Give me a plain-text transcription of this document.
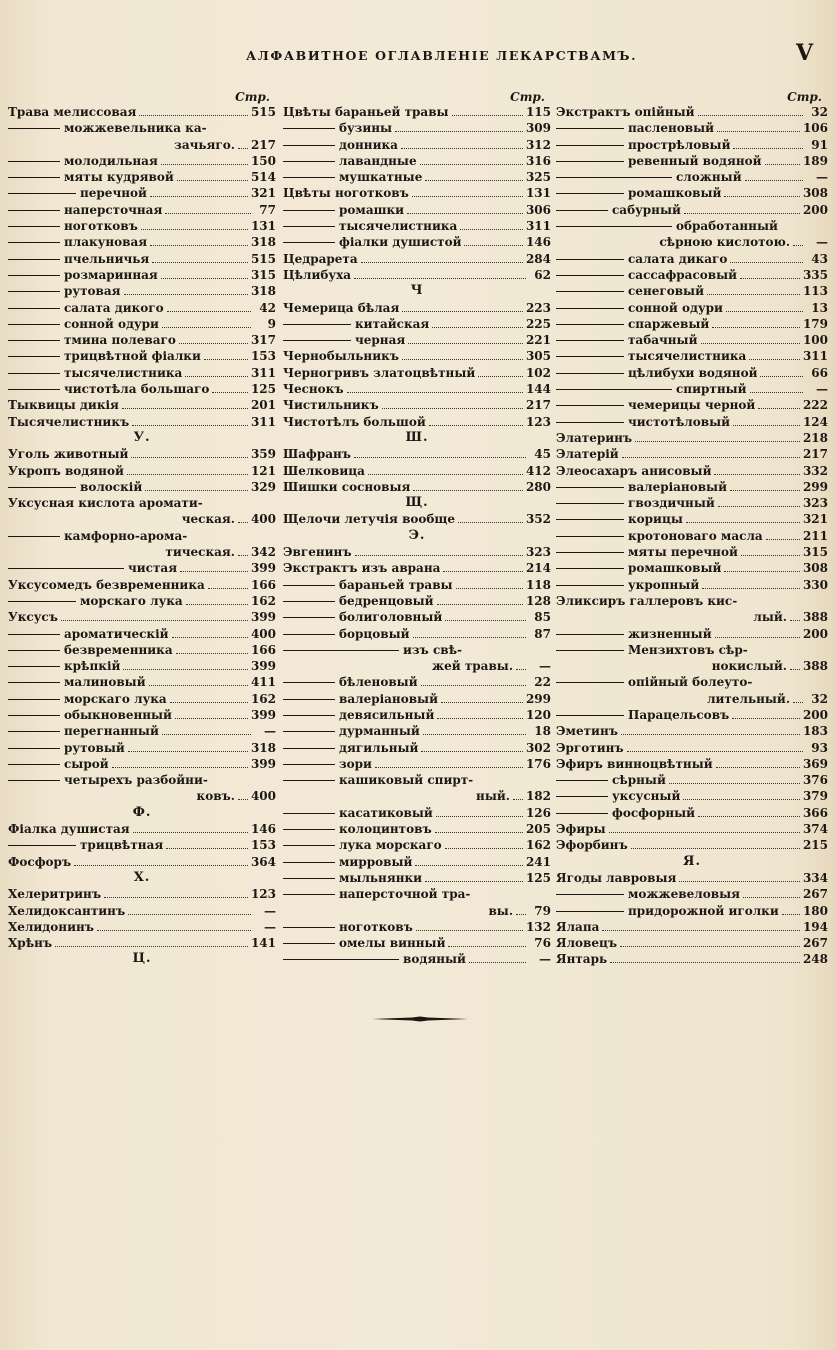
АЛФАВИТНОЕ ОГЛАВЛЕНІЕ ЛЕКАРСТВАМЪ.	V
Стр.
Трава мелиссовая	515
можжевельника ка-
зачьяго. 217
молодильная	150
мяты кудрявой	514
перечной	321
наперсточная	77
ноготковъ	131
плакуновая	318
пчельничья	515
розмаринная	315
рутовая	318
салата дикого	42
сонной одури	9
тмина полеваго	317
трицвѣтной фіалки	153
тысячелистника	311
чистотѣла большаго	125
Тыквицы дикія	201
Тысячелистникъ	311
У.
Уголь животный	359
Укропъ водяной	121
волоскій	329
Уксусная кислота аромати-
ческая. 400
камфорно-арома-
тическая. 342
чистая	399
Уксусомедъ безвременника	166
морскаго лука	162
Уксусъ	399
ароматическій	400
безвременника	166
крѣпкій	399
малиновый	411
морскаго лука	162
обыкновенный	399
перегнанный	—
рутовый	318
сырой	399
четырехъ разбойни-
ковъ. 400
Ф.
Фіалка душистая	146
трицвѣтная	153
Фосфоръ	364
Х.
Хелеритринъ	123
Хелидоксантинъ	—
Хелидонинъ	—
Хрѣнъ	141
Ц.
Стр.
Цвѣты бараньей травы	115
бузины	309
донника	312
лавандные	316
мушкатные	325
Цвѣты ноготковъ	131
ромашки	306
тысячелистника	311
фіалки душистой	146
Цедрарета	284
Цѣлибуха	62
Ч
Чемерица бѣлая	223
китайская	225
черная	221
Чернобыльникъ	305
Черногривъ златоцвѣтный	102
Чеснокъ	144
Чистильникъ	217
Чистотѣлъ большой	123
Ш.
Шафранъ	45
Шелковица	412
Шишки сосновыя	280
Щ.
Щелочи летучія вообще	352
Э.
Эвгенинъ	323
Экстрактъ изъ аврана	214
бараньей травы	118
бедренцовый	128
болиголовный	85
борцовый	87
изъ свѣ-
жей травы.	—
бѣленовый	22
валеріановый	299
девясильный	120
дурманный	18
дягильный	302
зори	176
кашиковый спирт-
ный. 182
касатиковый	126
колоцинтовъ	205
лука морскаго	162
мирровый	241
мыльнянки	125
наперсточной тра-
вы.	79
ноготковъ	132
омелы винный	76
водяный	—
Стр.
Экстрактъ опійный	32
пасленовый	106
прострѣловый	91
ревенный водяной	189
сложный	—
ромашковый	308
сабурный	200
обработанный
сѣрною кислотою.	—
салата дикаго	43
сассафрасовый	335
сенеговый	113
сонной одури	13
спаржевый	179
табачный	100
тысячелистника	311
цѣлибухи водяной	66
спиртный	—
чемерицы черной	222
чистотѣловый	124
Элатеринъ	218
Элатерій	217
Элеосахаръ анисовый	332
валеріановый	299
гвоздичный	323
корицы	321
кротоноваго масла	211
мяты перечной	315
ромашковый	308
укропный	330
Эликсиръ галлеровъ кис-
лый. 388
жизненный	200
Мензихтовъ сѣр-
нокислый. 388
опійный болеуто-
лительный.	32
Парацельсовъ	200
Эметинъ	183
Эрготинъ	93
Эфиръ виннoцвѣтный	369
сѣрный	376
уксусный	379
фосфорный	366
Эфиры	374
Эфорбинъ	215
Я.
Ягоды лавровыя	334
можжевеловыя	267
придорожной иголки 180
Ялапа	194
Яловецъ	267
Янтарь	248
